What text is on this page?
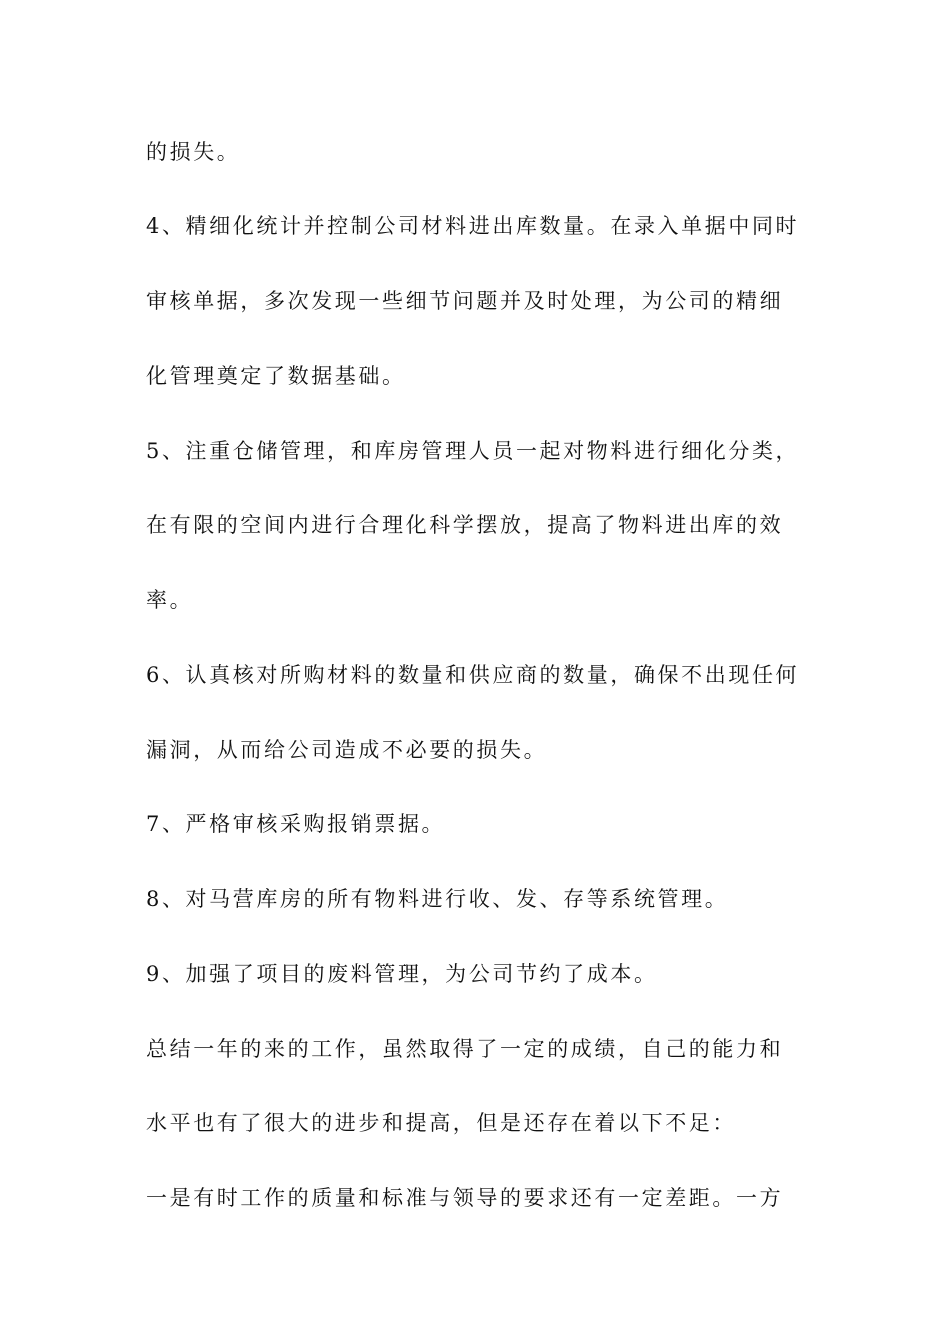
的损失。

4、精细化统计并控制公司材料进出库数量。在录入单据中同时

审核单据，多次发现一些细节问题并及时处理，为公司的精细

化管理奠定了数据基础。

5、注重仓储管理，和库房管理人员一起对物料进行细化分类，

在有限的空间内进行合理化科学摆放，提高了物料进出库的效

率。

6、认真核对所购材料的数量和供应商的数量，确保不出现任何

漏洞，从而给公司造成不必要的损失。

7、严格审核采购报销票据。

8、对马营库房的所有物料进行收、发、存等系统管理。

9、加强了项目的废料管理，为公司节约了成本。

总结一年的来的工作，虽然取得了一定的成绩，自己的能力和

水平也有了很大的进步和提高，但是还存在着以下不足：

一是有时工作的质量和标准与领导的要求还有一定差距。一方
